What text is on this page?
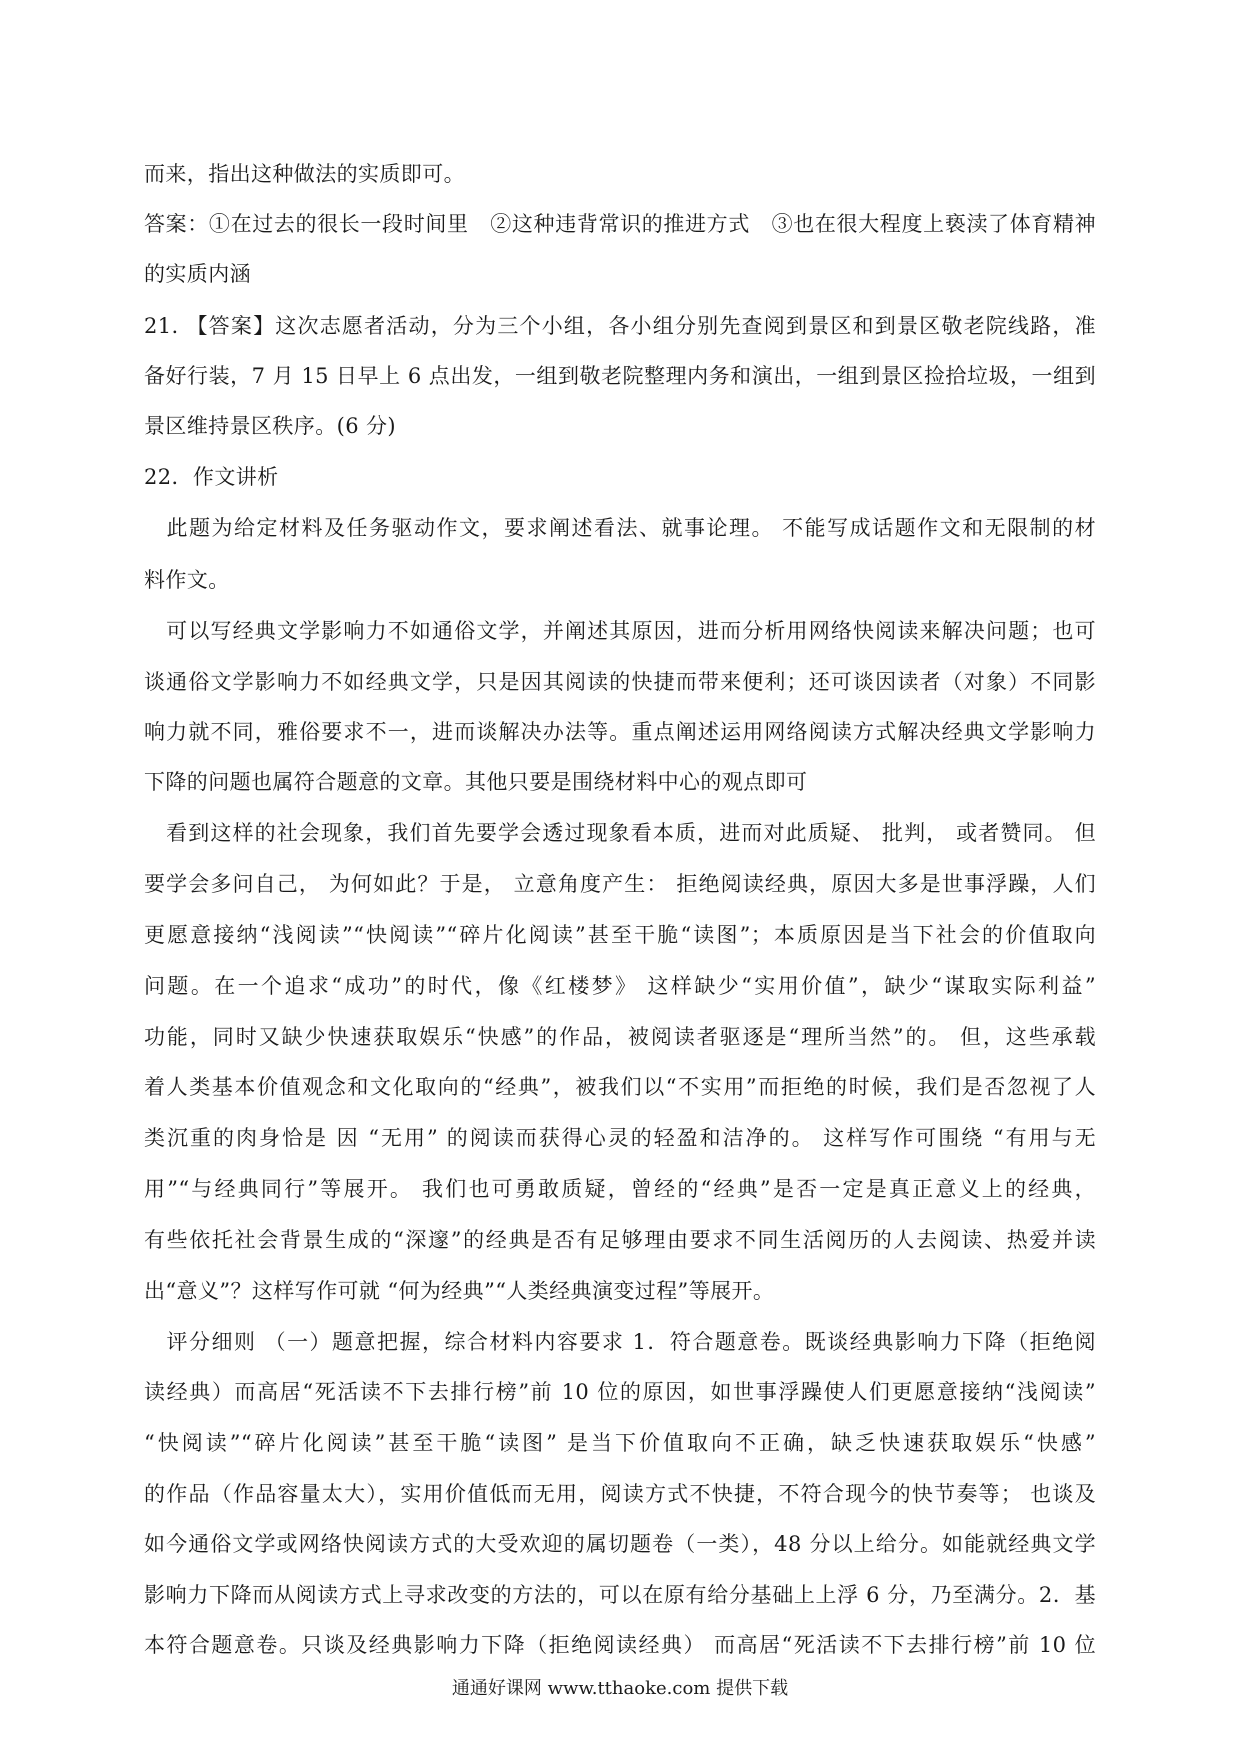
而来，指出这种做法的实质即可。
答案：①在过去的很长一段时间里　②这种违背常识的推进方式　③也在很大程度上亵渎了体育精神
的实质内涵
21. 【答案】这次志愿者活动，分为三个小组，各小组分别先查阅到景区和到景区敬老院线路，准
备好行装，7 月 15 日早上 6 点出发，一组到敬老院整理内务和演出，一组到景区捡拾垃圾，一组到
景区维持景区秩序。(6 分)
22．作文讲析
　此题为给定材料及任务驱动作文，要求阐述看法、就事论理。 不能写成话题作文和无限制的材
料作文。
　可以写经典文学影响力不如通俗文学，并阐述其原因，进而分析用网络快阅读来解决问题；也可
谈通俗文学影响力不如经典文学，只是因其阅读的快捷而带来便利；还可谈因读者（对象）不同影
响力就不同，雅俗要求不一，进而谈解决办法等。重点阐述运用网络阅读方式解决经典文学影响力
下降的问题也属符合题意的文章。其他只要是围绕材料中心的观点即可
　看到这样的社会现象，我们首先要学会透过现象看本质，进而对此质疑、 批判， 或者赞同。 但
要学会多问自己， 为何如此？于是， 立意角度产生： 拒绝阅读经典，原因大多是世事浮躁，人们
更愿意接纳“浅阅读”“快阅读”“碎片化阅读”甚至干脆“读图”；本质原因是当下社会的价值取向
问题。在一个追求“成功”的时代，像《红楼梦》 这样缺少“实用价值”，缺少“谋取实际利益”
功能，同时又缺少快速获取娱乐“快感”的作品，被阅读者驱逐是“理所当然”的。 但，这些承载
着人类基本价值观念和文化取向的“经典”，被我们以“不实用”而拒绝的时候，我们是否忽视了人
类沉重的肉身恰是 因 “无用” 的阅读而获得心灵的轻盈和洁净的。 这样写作可围绕 “有用与无
用”“与经典同行”等展开。 我们也可勇敢质疑，曾经的“经典”是否一定是真正意义上的经典，
有些依托社会背景生成的“深邃”的经典是否有足够理由要求不同生活阅历的人去阅读、热爱并读
出“意义”？这样写作可就 “何为经典”“人类经典演变过程”等展开。
　评分细则 （一）题意把握，综合材料内容要求 1．符合题意卷。既谈经典影响力下降（拒绝阅
读经典）而高居“死活读不下去排行榜”前 10 位的原因，如世事浮躁使人们更愿意接纳“浅阅读”
“快阅读”“碎片化阅读”甚至干脆“读图” 是当下价值取向不正确，缺乏快速获取娱乐“快感”
的作品（作品容量太大），实用价值低而无用，阅读方式不快捷，不符合现今的快节奏等； 也谈及
如今通俗文学或网络快阅读方式的大受欢迎的属切题卷（一类），48 分以上给分。如能就经典文学
影响力下降而从阅读方式上寻求改变的方法的，可以在原有给分基础上上浮 6 分，乃至满分。2．基
本符合题意卷。只谈及经典影响力下降（拒绝阅读经典） 而高居“死活读不下去排行榜”前 10 位
通通好课网 www.tthaoke.com 提供下载
